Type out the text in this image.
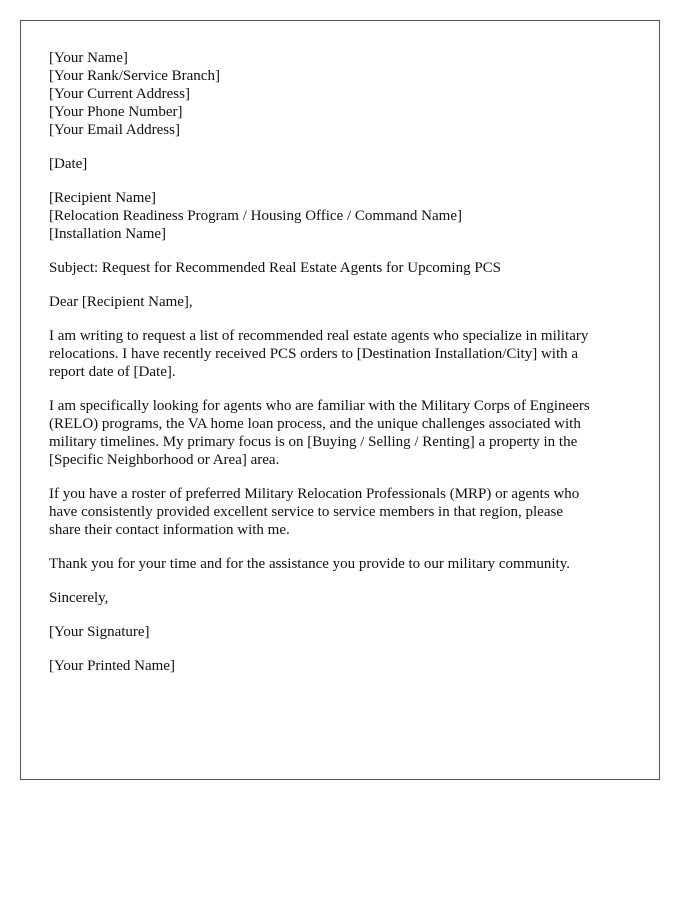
[Your Name]
[Your Rank/Service Branch]
[Your Current Address]
[Your Phone Number]
[Your Email Address]
[Date]
[Recipient Name]
[Relocation Readiness Program / Housing Office / Command Name]
[Installation Name]
Subject: Request for Recommended Real Estate Agents for Upcoming PCS
Dear [Recipient Name],
I am writing to request a list of recommended real estate agents who specialize in military
relocations. I have recently received PCS orders to [Destination Installation/City] with a
report date of [Date].
I am specifically looking for agents who are familiar with the Military Corps of Engineers
(RELO) programs, the VA home loan process, and the unique challenges associated with
military timelines. My primary focus is on [Buying / Selling / Renting] a property in the
[Specific Neighborhood or Area] area.
If you have a roster of preferred Military Relocation Professionals (MRP) or agents who
have consistently provided excellent service to service members in that region, please
share their contact information with me.
Thank you for your time and for the assistance you provide to our military community.
Sincerely,
[Your Signature]
[Your Printed Name]
